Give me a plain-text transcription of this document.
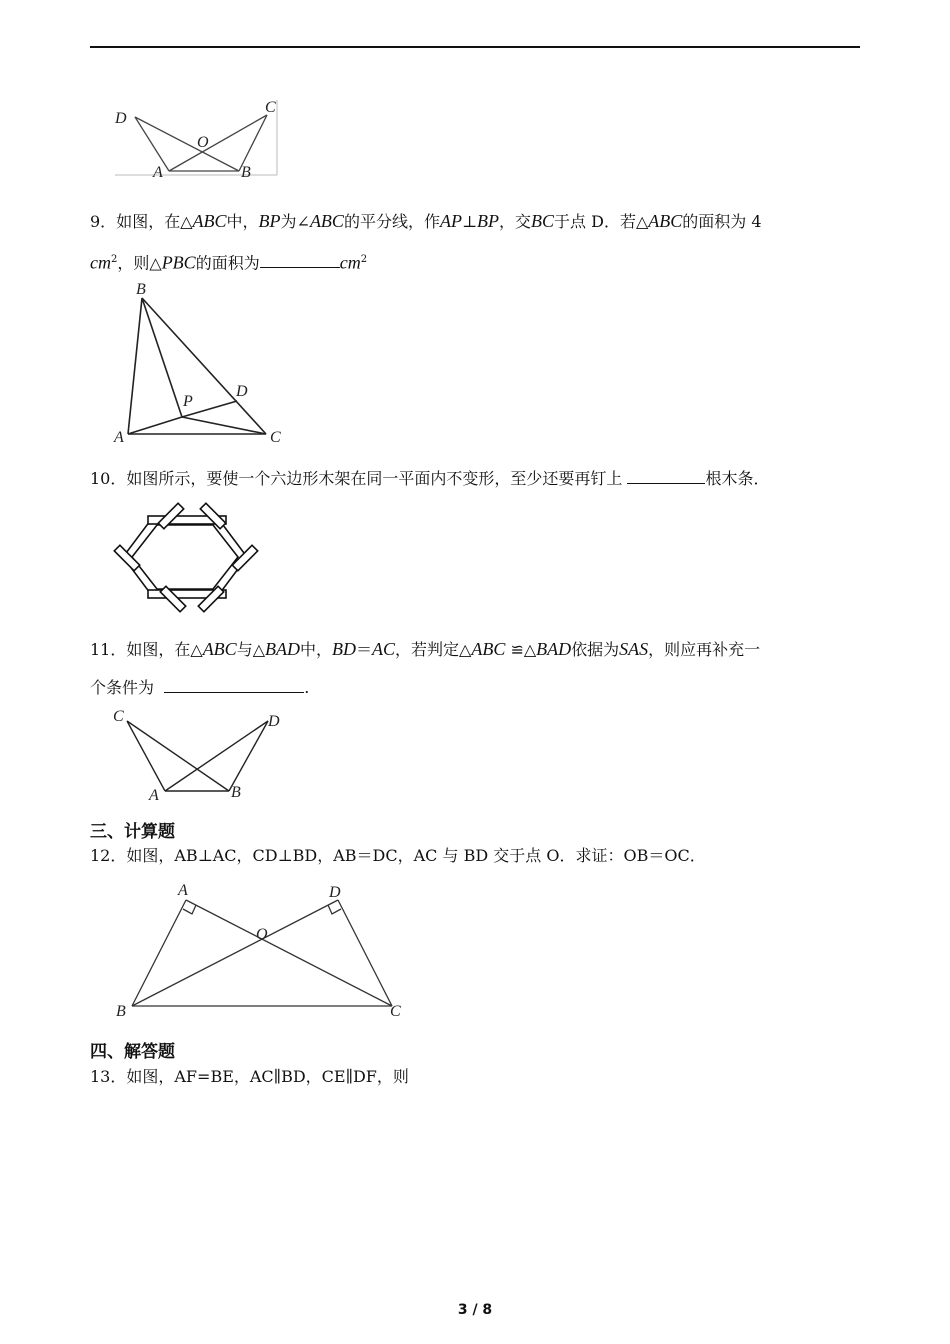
D
C
O
A	B
9．如图，在△ABC中，BP为∠ABC的平分线，作AP⊥BP，交BC于点 D．若△ABC的面积为 4
$cm^2$，则△PBC的面积为	$cm^2$
B
D
P
A	C
10．如图所示，要使一个六边形木架在同一平面内不变形，至少还要再钉上	根木条．
11．如图，在△ABC与△BAD中，BD＝AC，若判定△ABC ≌△BAD依据为SAS，则应再补充一
个条件为	.
C	D
A	B
三、计算题
12．如图，AB⊥AC，CD⊥BD，AB＝DC，AC 与 BD 交于点 O．求证：OB＝OC．
A	D
O
B	C
四、解答题
13．如图，AF=BE，AC∥BD，CE∥DF，则
3 / 8
